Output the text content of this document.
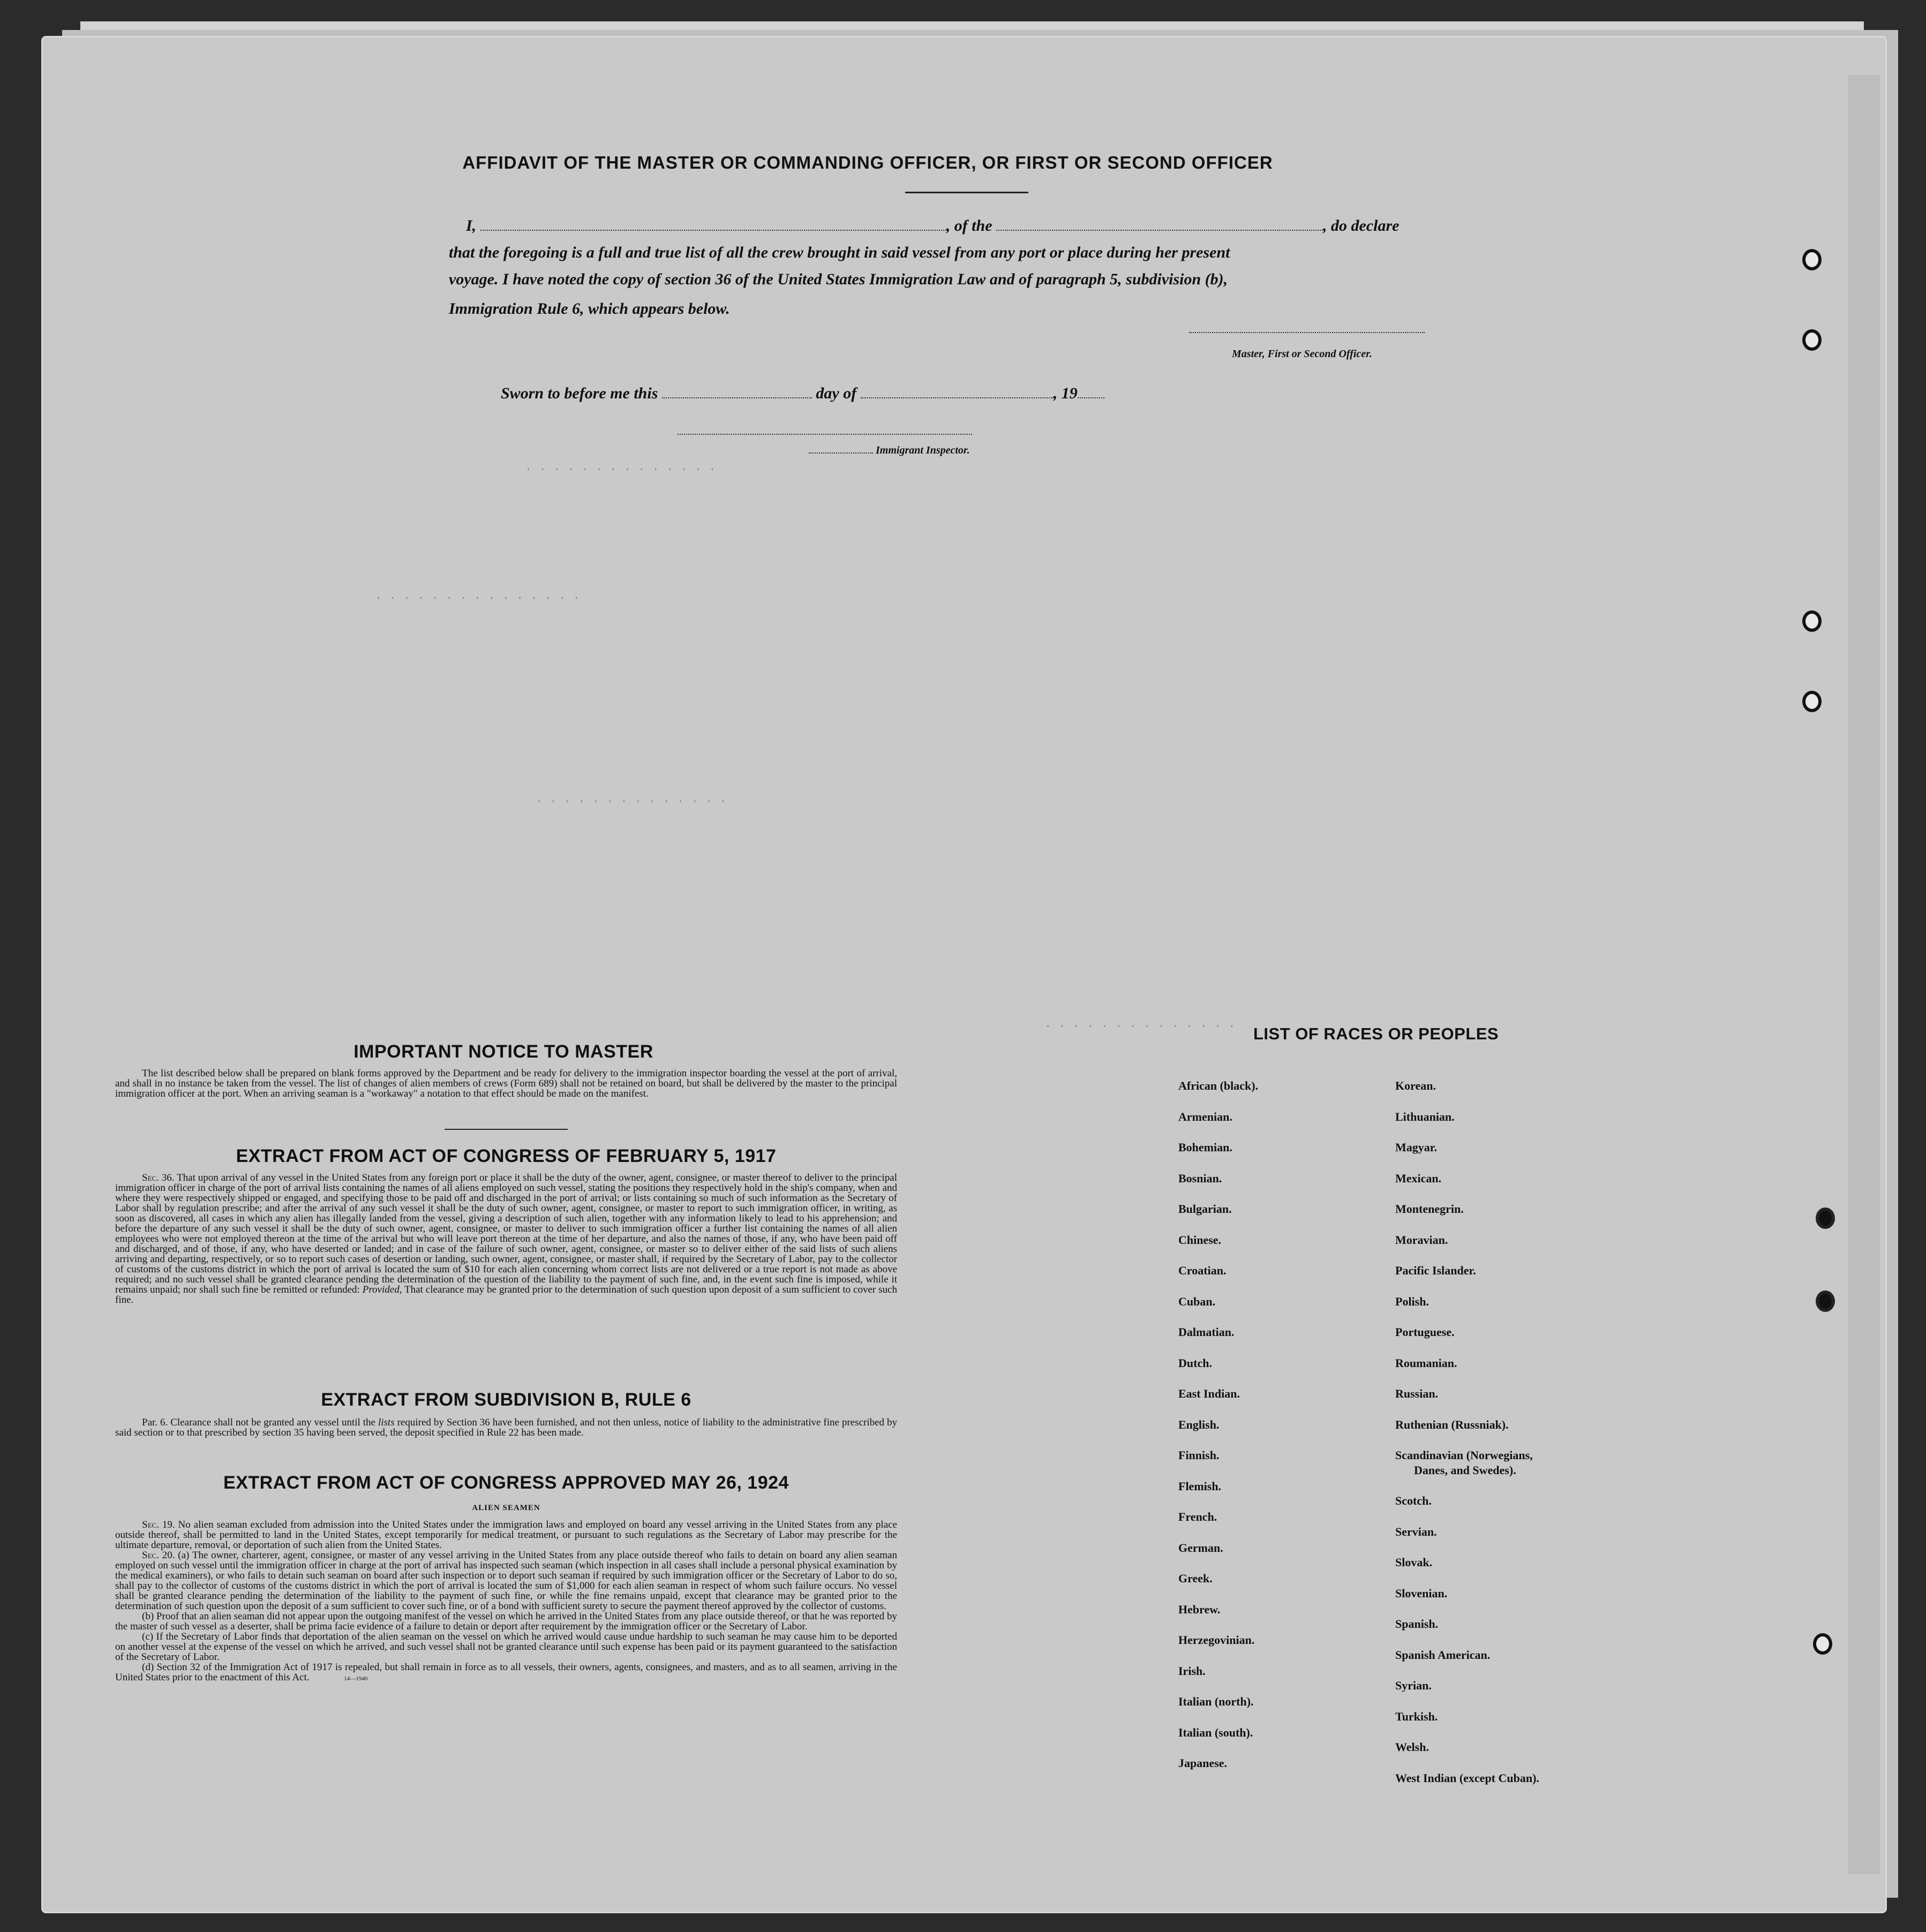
. . . . . . . . . . . . . .
. . . . . . . . . . . . . . .
. . . . . . . . . . . . . .
. . . . . . . . . . . . . .
AFFIDAVIT OF THE MASTER OR COMMANDING OFFICER, OR FIRST OR SECOND OFFICER
I,	, of the	, do declare
that the foregoing is a full and true list of all the crew brought in said vessel from any port or place during her present
voyage. I have noted the copy of section 36 of the United States Immigration Law and of paragraph 5, subdivision (b),
Immigration Rule 6, which appears below.
Master, First or Second Officer.
Sworn to before me this	day of	, 19
Immigrant Inspector.
IMPORTANT NOTICE TO MASTER
The list described below shall be prepared on blank forms approved by the Department and be ready for delivery to the immigration inspector boarding the vessel at the port of arrival, and shall in no instance be taken from the vessel. The list of changes of alien members of crews (Form 689) shall not be retained on board, but shall be delivered by the master to the principal immigration officer at the port. When an arriving seaman is a "workaway" a notation to that effect should be made on the manifest.
EXTRACT FROM ACT OF CONGRESS OF FEBRUARY 5, 1917
Sec. 36. That upon arrival of any vessel in the United States from any foreign port or place it shall be the duty of the owner, agent, consignee, or master thereof to deliver to the principal immigration officer in charge of the port of arrival lists containing the names of all aliens employed on such vessel, stating the positions they respectively hold in the ship's company, when and where they were respectively shipped or engaged, and specifying those to be paid off and discharged in the port of arrival; or lists containing so much of such information as the Secretary of Labor shall by regulation prescribe; and after the arrival of any such vessel it shall be the duty of such owner, agent, consignee, or master to report to such immigration officer, in writing, as soon as discovered, all cases in which any alien has illegally landed from the vessel, giving a description of such alien, together with any information likely to lead to his apprehension; and before the departure of any such vessel it shall be the duty of such owner, agent, consignee, or master to deliver to such immigration officer a further list containing the names of all alien employees who were not employed thereon at the time of the arrival but who will leave port thereon at the time of her departure, and also the names of those, if any, who have been paid off and discharged, and of those, if any, who have deserted or landed; and in case of the failure of such owner, agent, consignee, or master so to deliver either of the said lists of such aliens arriving and departing, respectively, or so to report such cases of desertion or landing, such owner, agent, consignee, or master shall, if required by the Secretary of Labor, pay to the collector of customs of the customs district in which the port of arrival is located the sum of $10 for each alien concerning whom correct lists are not delivered or a true report is not made as above required; and no such vessel shall be granted clearance pending the determination of the question of the liability to the payment of such fine, and, in the event such fine is imposed, while it remains unpaid; nor shall such fine be remitted or refunded: Provided, That clearance may be granted prior to the determination of such question upon deposit of a sum sufficient to cover such fine.
EXTRACT FROM SUBDIVISION B, RULE 6
Par. 6. Clearance shall not be granted any vessel until the lists required by Section 36 have been furnished, and not then unless, notice of liability to the administrative fine prescribed by said section or to that prescribed by section 35 having been served, the deposit specified in Rule 22 has been made.
EXTRACT FROM ACT OF CONGRESS APPROVED MAY 26, 1924
ALIEN SEAMEN
Sec. 19. No alien seaman excluded from admission into the United States under the immigration laws and employed on board any vessel arriving in the United States from any place outside thereof, shall be permitted to land in the United States, except temporarily for medical treatment, or pursuant to such regulations as the Secretary of Labor may prescribe for the ultimate departure, removal, or deportation of such alien from the United States.
Sec. 20. (a) The owner, charterer, agent, consignee, or master of any vessel arriving in the United States from any place outside thereof who fails to detain on board any alien seaman employed on such vessel until the immigration officer in charge at the port of arrival has inspected such seaman (which inspection in all cases shall include a personal physical examination by the medical examiners), or who fails to detain such seaman on board after such inspection or to deport such seaman if required by such immigration officer or the Secretary of Labor to do so, shall pay to the collector of customs of the customs district in which the port of arrival is located the sum of $1,000 for each alien seaman in respect of whom such failure occurs. No vessel shall be granted clearance pending the determination of the liability to the payment of such fine, or while the fine remains unpaid, except that clearance may be granted prior to the determination of such question upon the deposit of a sum sufficient to cover such fine, or of a bond with sufficient surety to secure the payment thereof approved by the collector of customs.
(b) Proof that an alien seaman did not appear upon the outgoing manifest of the vessel on which he arrived in the United States from any place outside thereof, or that he was reported by the master of such vessel as a deserter, shall be prima facie evidence of a failure to detain or deport after requirement by the immigration officer or the Secretary of Labor.
(c) If the Secretary of Labor finds that deportation of the alien seaman on the vessel on which he arrived would cause undue hardship to such seaman he may cause him to be deported on another vessel at the expense of the vessel on which he arrived, and such vessel shall not be granted clearance until such expense has been paid or its payment guaranteed to the satisfaction of the Secretary of Labor.
(d) Section 32 of the Immigration Act of 1917 is repealed, but shall remain in force as to all vessels, their owners, agents, consignees, and masters, and as to all seamen, arriving in the United States prior to the enactment of this Act.	14—1940
LIST OF RACES OR PEOPLES
African (black).
Armenian.
Bohemian.
Bosnian.
Bulgarian.
Chinese.
Croatian.
Cuban.
Dalmatian.
Dutch.
East Indian.
English.
Finnish.
Flemish.
French.
German.
Greek.
Hebrew.
Herzegovinian.
Irish.
Italian (north).
Italian (south).
Japanese.
Korean.
Lithuanian.
Magyar.
Mexican.
Montenegrin.
Moravian.
Pacific Islander.
Polish.
Portuguese.
Roumanian.
Russian.
Ruthenian (Russniak).
Scandinavian (Norwegians,
Danes, and Swedes).
Scotch.
Servian.
Slovak.
Slovenian.
Spanish.
Spanish American.
Syrian.
Turkish.
Welsh.
West Indian (except Cuban).
